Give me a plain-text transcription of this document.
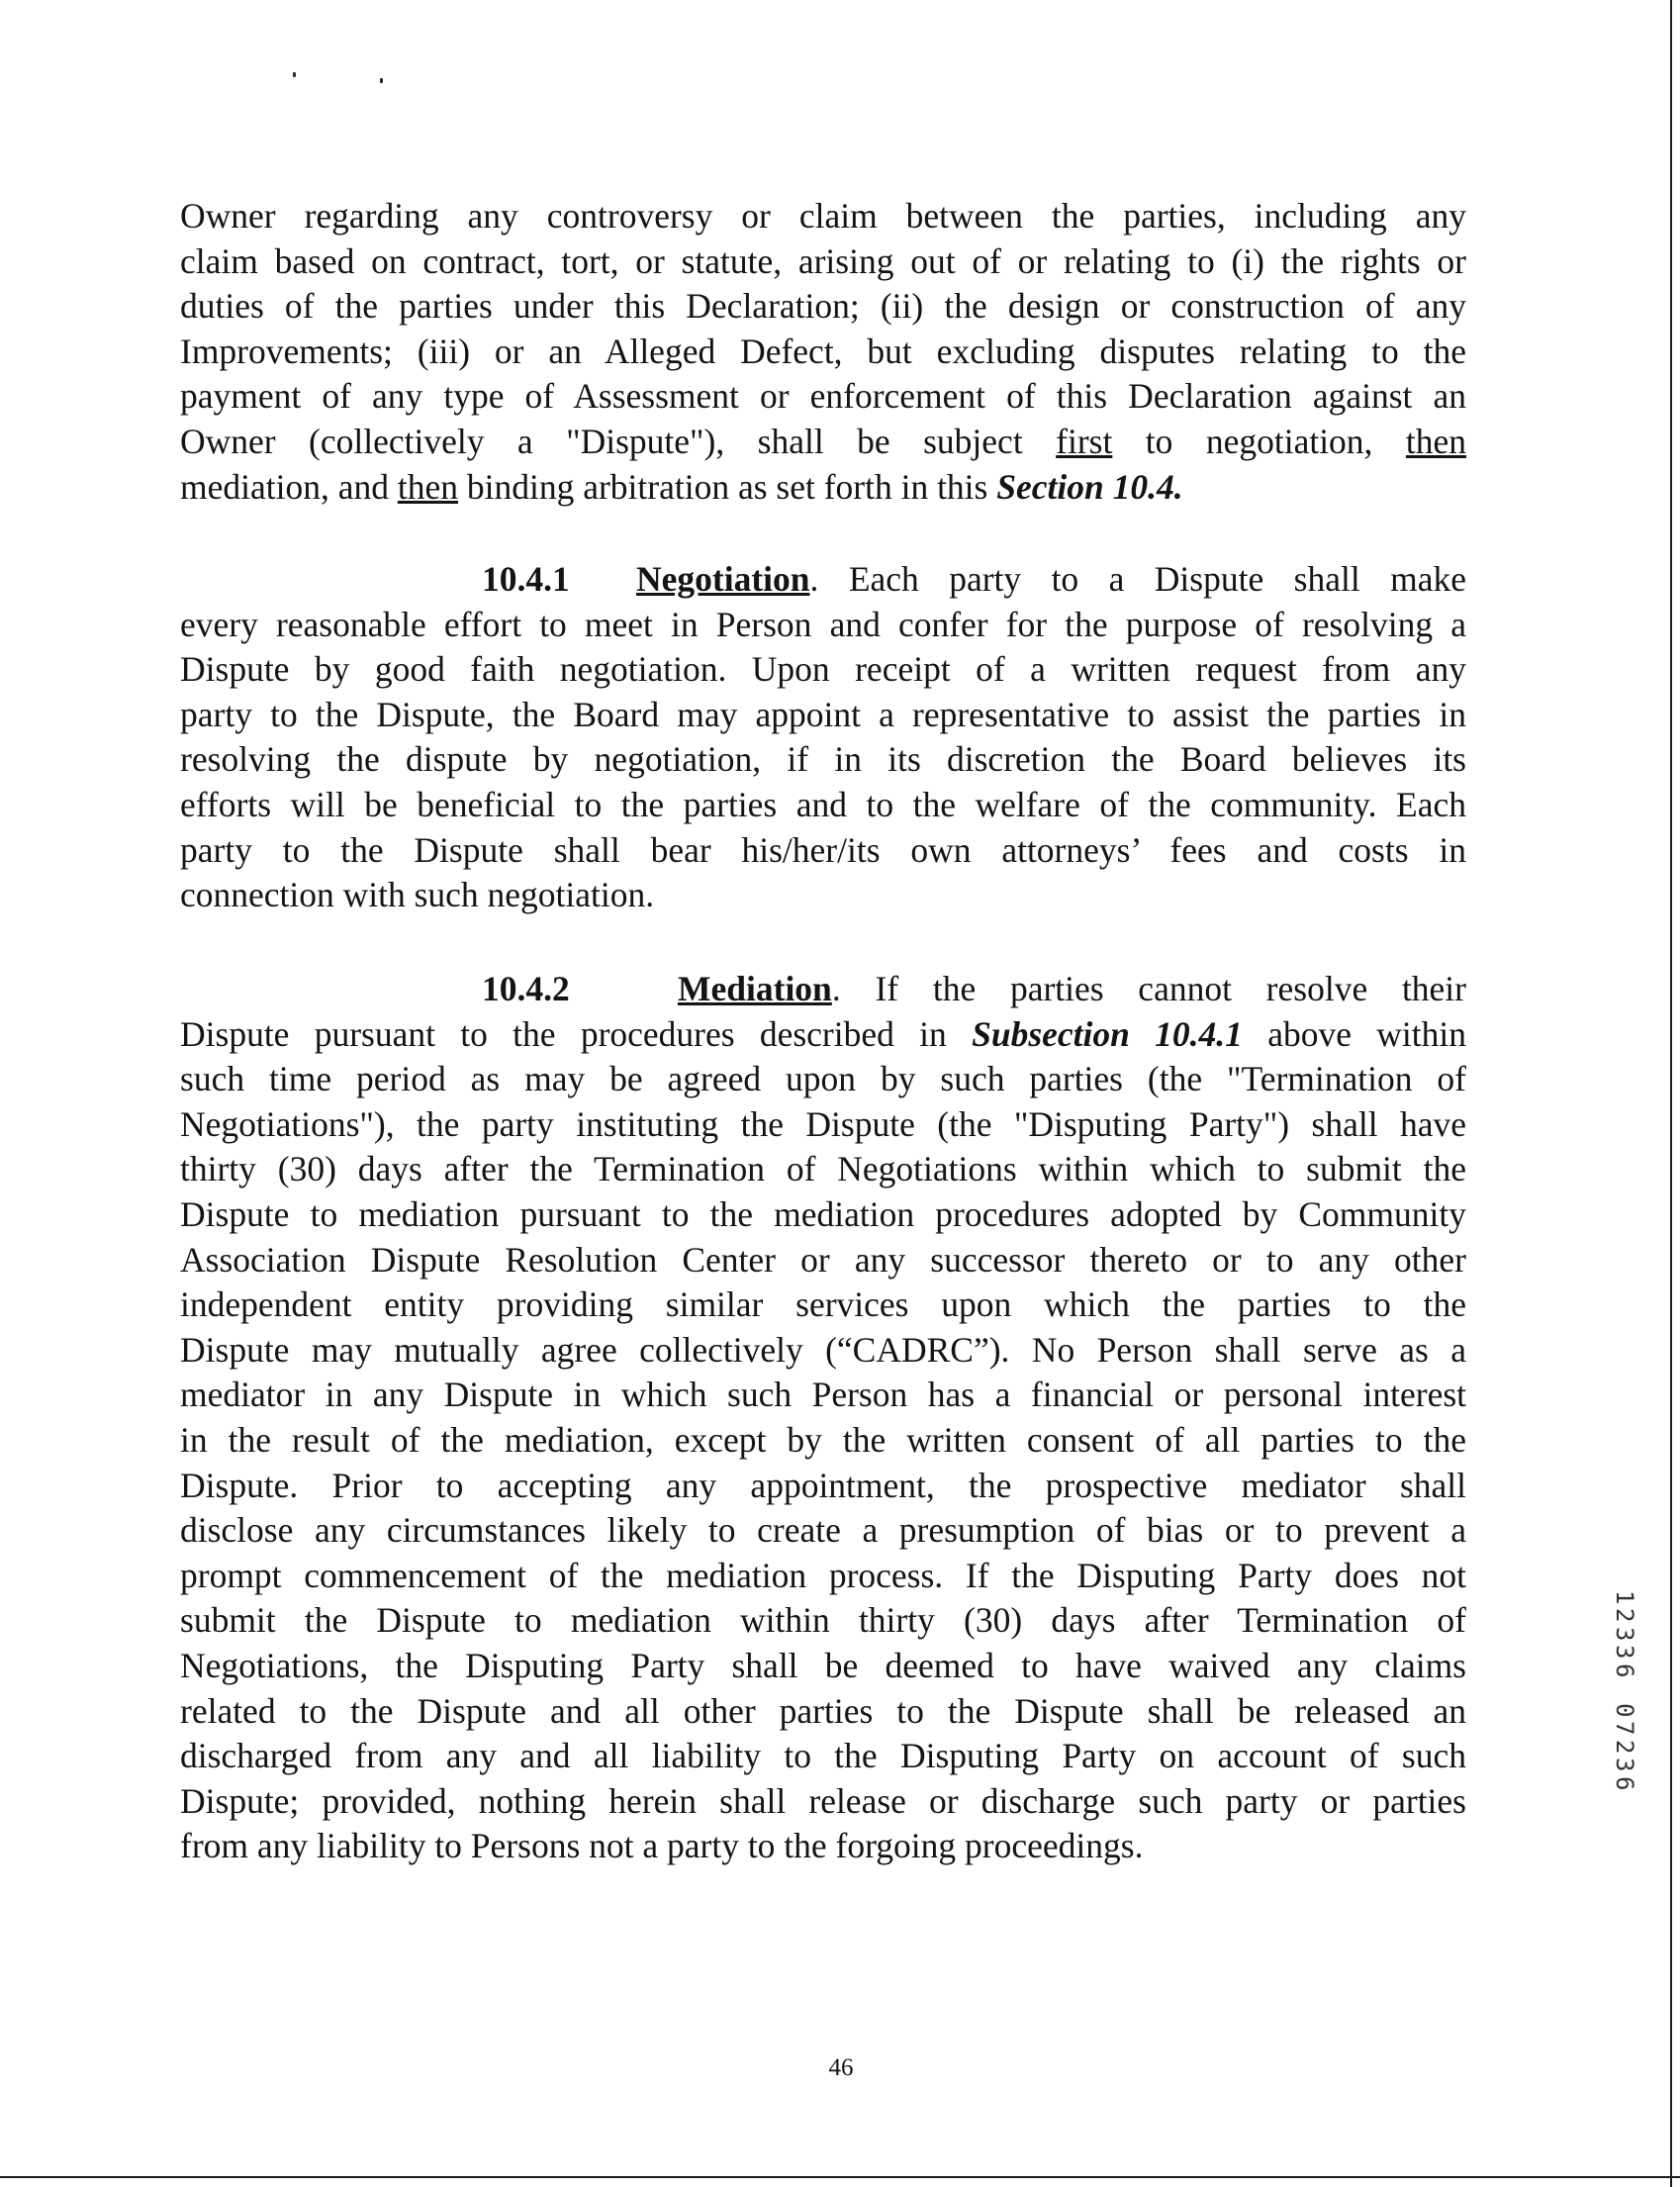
Owner regarding any controversy or claim between the parties, including any
claim based on contract, tort, or statute, arising out of or relating to (i) the rights or
duties of the parties under this Declaration; (ii) the design or construction of any
Improvements; (iii) or an Alleged Defect, but excluding disputes relating to the
payment of any type of Assessment or enforcement of this Declaration against an
Owner (collectively a "Dispute"), shall be subject first to negotiation, then
mediation, and then binding arbitration as set forth in this Section 10.4.
10.4.1 Negotiation. Each party to a Dispute shall make
every reasonable effort to meet in Person and confer for the purpose of resolving a
Dispute by good faith negotiation. Upon receipt of a written request from any
party to the Dispute, the Board may appoint a representative to assist the parties in
resolving the dispute by negotiation, if in its discretion the Board believes its
efforts will be beneficial to the parties and to the welfare of the community. Each
party to the Dispute shall bear his/her/its own attorneys’ fees and costs in
connection with such negotiation.
10.4.2	Mediation. If the parties cannot resolve their
Dispute pursuant to the procedures described in Subsection 10.4.1 above within
such time period as may be agreed upon by such parties (the "Termination of
Negotiations"), the party instituting the Dispute (the "Disputing Party") shall have
thirty (30) days after the Termination of Negotiations within which to submit the
Dispute to mediation pursuant to the mediation procedures adopted by Community
Association Dispute Resolution Center or any successor thereto or to any other
independent entity providing similar services upon which the parties to the
Dispute may mutually agree collectively (“CADRC”). No Person shall serve as a
mediator in any Dispute in which such Person has a financial or personal interest
in the result of the mediation, except by the written consent of all parties to the
Dispute. Prior to accepting any appointment, the prospective mediator shall
disclose any circumstances likely to create a presumption of bias or to prevent a
prompt commencement of the mediation process. If the Disputing Party does not
submit the Dispute to mediation within thirty (30) days after Termination of
Negotiations, the Disputing Party shall be deemed to have waived any claims
related to the Dispute and all other parties to the Dispute shall be released an
discharged from any and all liability to the Disputing Party on account of such
Dispute; provided, nothing herein shall release or discharge such party or parties
from any liability to Persons not a party to the forgoing proceedings.
1
2
3
3
6
0
7
2
3
6
46
